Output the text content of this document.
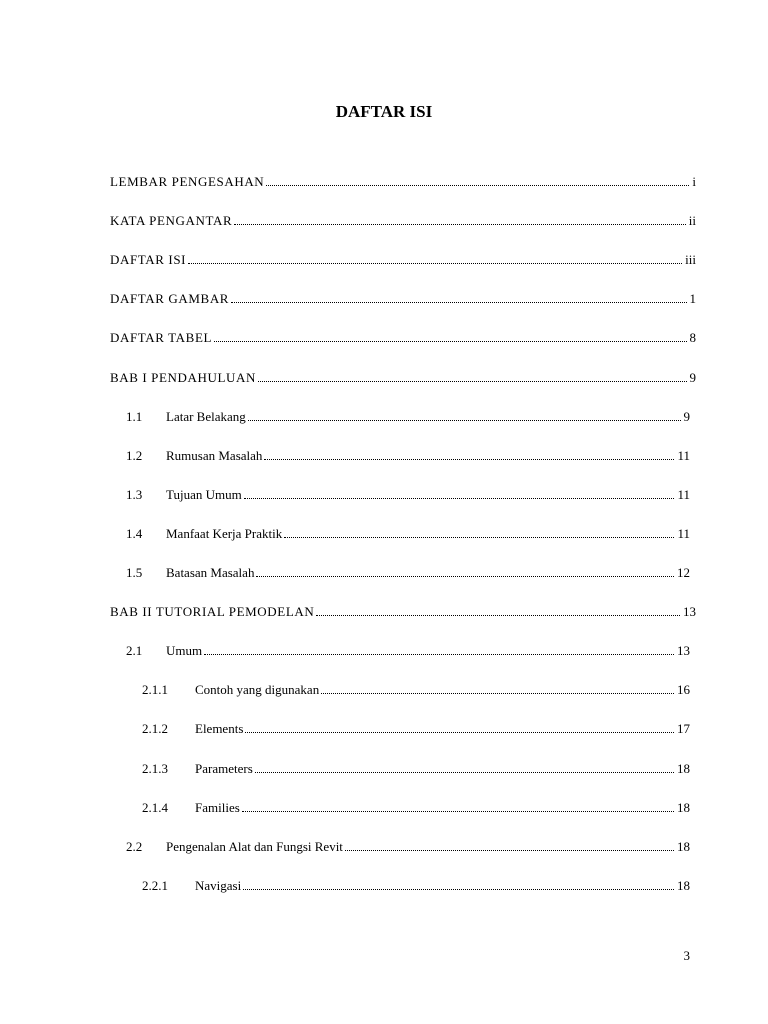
DAFTAR ISI
LEMBAR PENGESAHAN	i
KATA PENGANTAR	ii
DAFTAR ISI	iii
DAFTAR GAMBAR	1
DAFTAR TABEL	8
BAB I PENDAHULUAN	9
1.1	Latar Belakang	9
1.2	Rumusan Masalah	11
1.3	Tujuan Umum	11
1.4	Manfaat Kerja Praktik	11
1.5	Batasan Masalah	12
BAB II TUTORIAL PEMODELAN	13
2.1	Umum	13
2.1.1	Contoh yang digunakan	16
2.1.2	Elements	17
2.1.3	Parameters	18
2.1.4	Families	18
2.2	Pengenalan Alat dan Fungsi Revit	18
2.2.1	Navigasi	18
3
